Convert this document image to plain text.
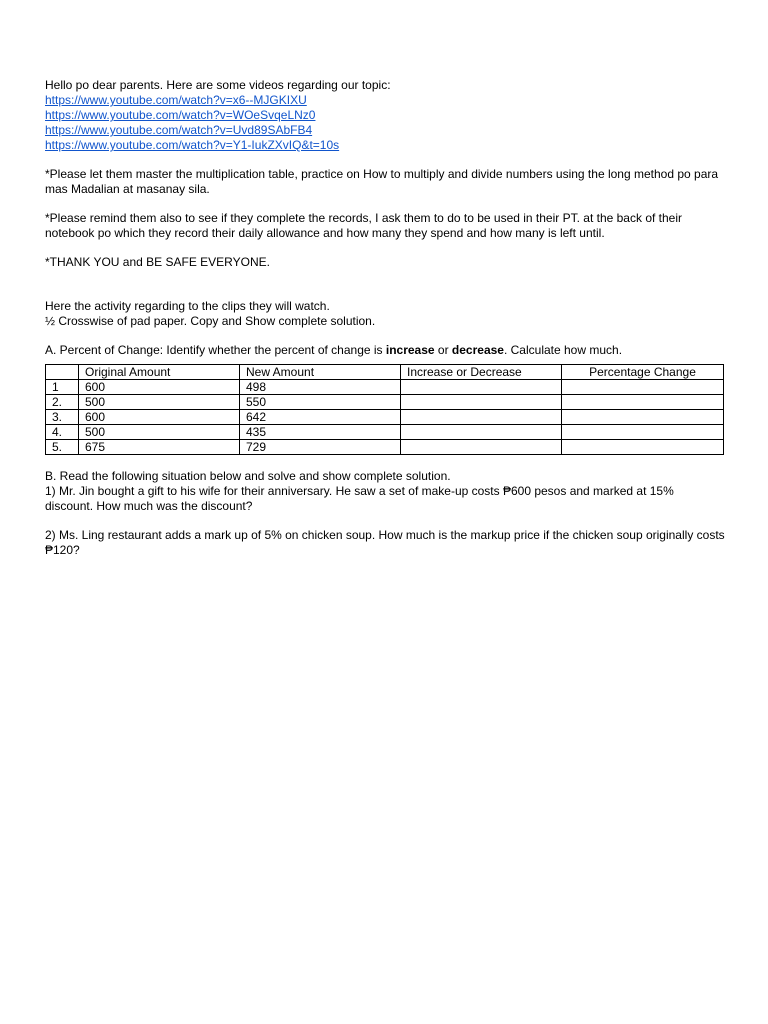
Hello po dear parents. Here are some videos regarding our topic:
https://www.youtube.com/watch?v=x6--MJGKIXU
https://www.youtube.com/watch?v=WOeSvqeLNz0
https://www.youtube.com/watch?v=Uvd89SAbFB4
https://www.youtube.com/watch?v=Y1-IukZXvIQ&t=10s
*Please let them master the multiplication table, practice on How to multiply and divide numbers using the long method po para mas Madalian at masanay sila.
*Please remind them also to see if they complete the records, I ask them to do to be used in their PT. at the back of their notebook po which they record their daily allowance and how many they spend and how many is left until.
*THANK YOU and BE SAFE EVERYONE.
Here the activity regarding to the clips they will watch.
½ Crosswise of pad paper. Copy and Show complete solution.
A. Percent of Change: Identify whether the percent of change is increase or decrease. Calculate how much.
	Original Amount	New Amount	Increase or Decrease	Percentage Change
1	600	498		
2.	500	550		
3.	600	642		
4.	500	435		
5.	675	729		
B. Read the following situation below and solve and show complete solution.
1) Mr. Jin bought a gift to his wife for their anniversary. He saw a set of make-up costs ₱600 pesos and marked at 15% discount. How much was the discount?
2) Ms. Ling restaurant adds a mark up of 5% on chicken soup. How much is the markup price if the chicken soup originally costs ₱120?
